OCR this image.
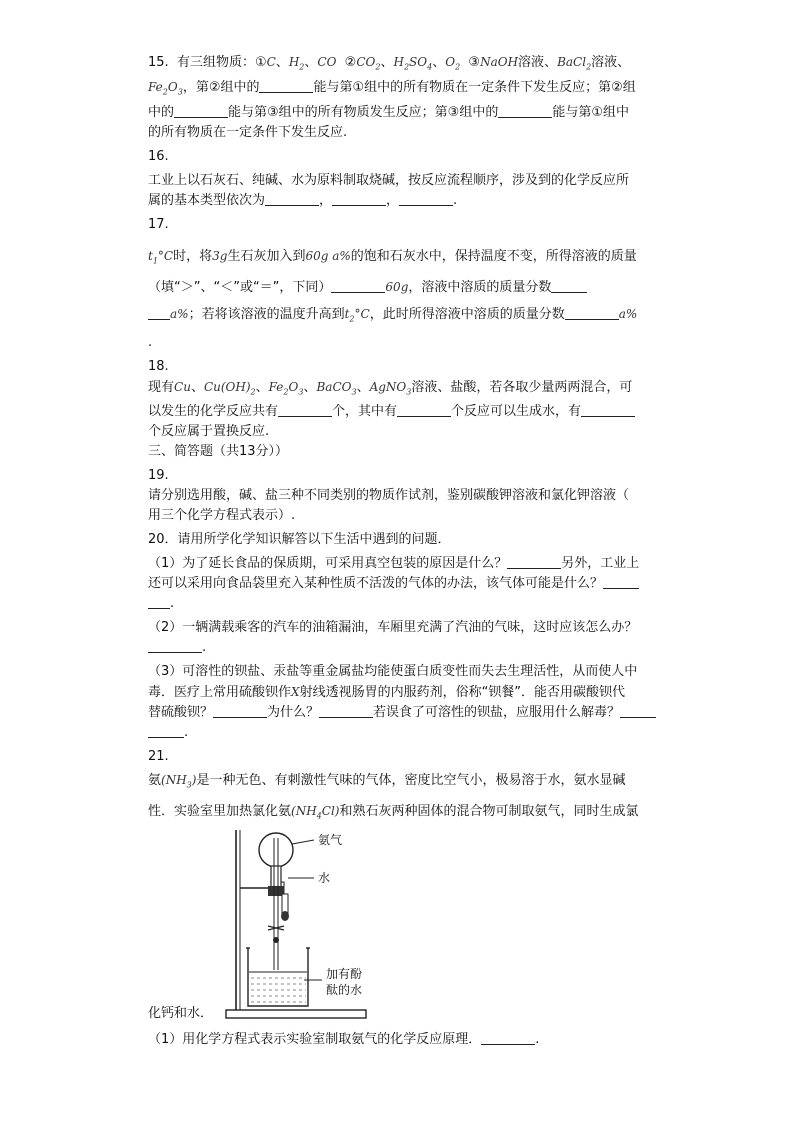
15. 有三组物质：①C、$H_2$、CO  $②CO_2$、$H_2SO_4$、$O_2$  ③NaOH溶液、BaCl$_2$溶液、
$Fe_2O_3$，第②组中的	能与第①组中的所有物质在一定条件下发生反应；第②组
中的	能与第③组中的所有物质发生反应；第③组中的	能与第①组中
的所有物质在一定条件下发生反应.
16.
工业上以石灰石、纯碱、水为原料制取烧碱，按反应流程顺序，涉及到的化学反应所
属的基本类型依次为	，	，	.
17.
$t_1^\circ C$时，将3g生石灰加入到60g a%的饱和石灰水中，保持温度不变，所得溶液的质量
（填“＞”、“＜”或“＝”，下同）	60g，溶液中溶质的质量分数
a%；若将该溶液的温度升高到$t_2^\circ C$，此时所得溶液中溶质的质量分数	a%
.
18.
现有Cu、$Cu(OH)_2$、$Fe_2O_3$、BaCO$_3$、AgNO$_3$溶液、盐酸，若各取少量两两混合，可
以发生的化学反应共有	个，其中有	个反应可以生成水，有
个反应属于置换反应.
三、简答题（共13分））
19.
请分别选用酸，碱、盐三种不同类别的物质作试剂，鉴别碳酸钾溶液和氯化钾溶液（
用三个化学方程式表示）.
20．请用所学化学知识解答以下生活中遇到的问题．
（1）为了延长食品的保质期，可采用真空包装的原因是什么？	另外，工业上
还可以采用向食品袋里充入某种性质不活泼的气体的办法，该气体可能是什么？
.
（2）一辆满载乘客的汽车的油箱漏油，车厢里充满了汽油的气味，这时应该怎么办？
.
（3）可溶性的钡盐、汞盐等重金属盐均能使蛋白质变性而失去生理活性，从而使人中
毒．医疗上常用硫酸钡作X射线透视肠胃的内服药剂，俗称“钡餐”．能否用碳酸钡代
替硫酸钡？	为什么？	若误食了可溶性的钡盐，应服用什么解毒？
.
21.
氨$(NH_3)$是一种无色、有刺激性气味的气体，密度比空气小，极易溶于水，氨水显碱
性．实验室里加热氯化氨$(NH_4Cl)$和熟石灰两种固体的混合物可制取氨气，同时生成氯
氨气
水
加有酚
酞的水
化钙和水．
（1）用化学方程式表示实验室制取氨气的化学反应原理．	.
